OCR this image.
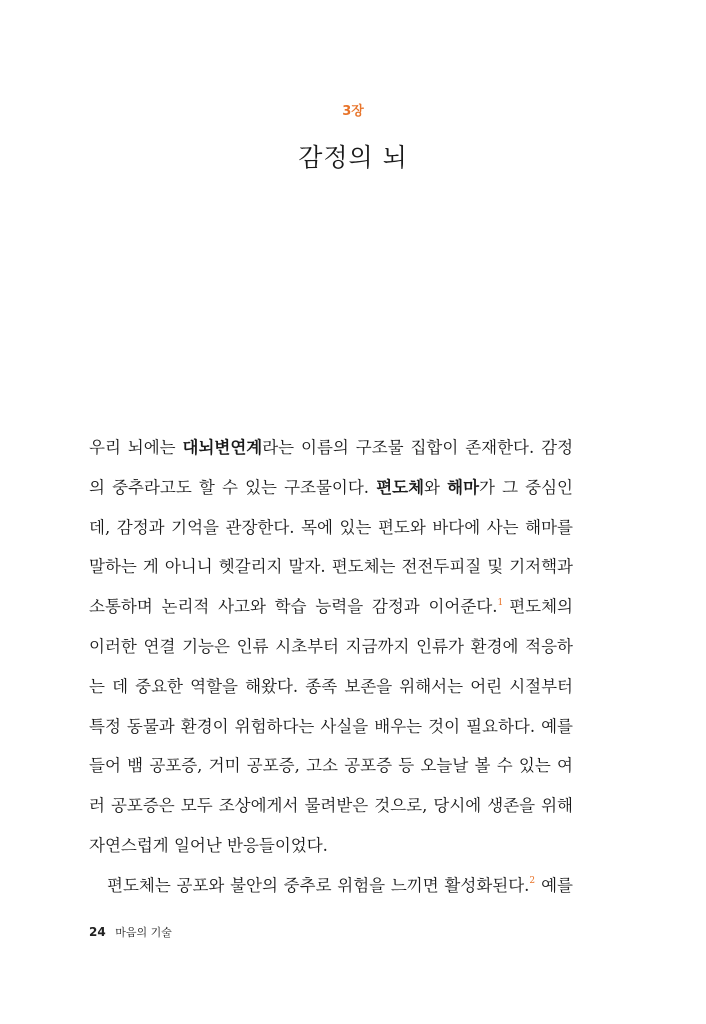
3장
감정의 뇌
우리 뇌에는 대뇌변연계라는 이름의 구조물 집합이 존재한다. 감정
의 중추라고도 할 수 있는 구조물이다. 편도체와 해마가 그 중심인
데, 감정과 기억을 관장한다. 목에 있는 편도와 바다에 사는 해마를
말하는 게 아니니 헷갈리지 말자. 편도체는 전전두피질 및 기저핵과
소통하며 논리적 사고와 학습 능력을 감정과 이어준다.$^1$ 편도체의
이러한 연결 기능은 인류 시초부터 지금까지 인류가 환경에 적응하
는 데 중요한 역할을 해왔다. 종족 보존을 위해서는 어린 시절부터
특정 동물과 환경이 위험하다는 사실을 배우는 것이 필요하다. 예를
들어 뱀 공포증, 거미 공포증, 고소 공포증 등 오늘날 볼 수 있는 여
러 공포증은 모두 조상에게서 물려받은 것으로, 당시에 생존을 위해
자연스럽게 일어난 반응들이었다.
편도체는 공포와 불안의 중추로 위험을 느끼면 활성화된다.$^2$ 예를
24 마음의 기술
